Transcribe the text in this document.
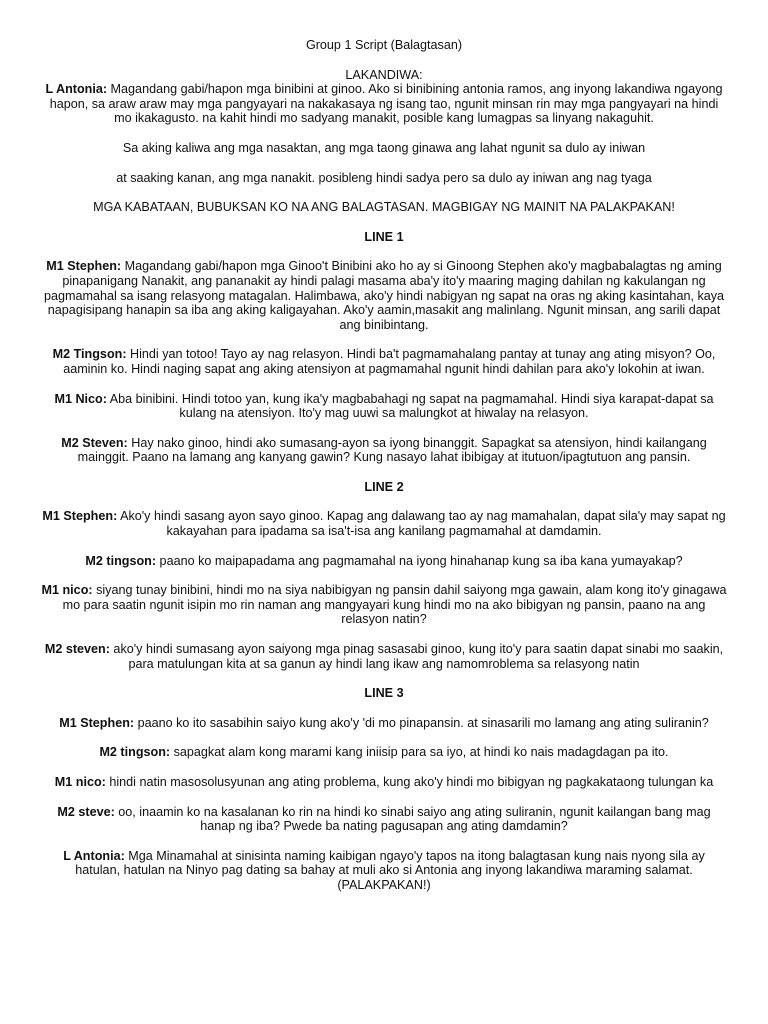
Group 1 Script (Balagtasan)

LAKANDIWA:

L Antonia: Magandang gabi/hapon mga binibini at ginoo. Ako si binibining antonia ramos, ang inyong lakandiwa ngayong hapon, sa araw araw may mga pangyayari na nakakasaya ng isang tao, ngunit minsan rin may mga pangyayari na hindi mo ikakagusto. na kahit hindi mo sadyang manakit, posible kang lumagpas sa linyang nakaguhit.

Sa aking kaliwa ang mga nasaktan, ang mga taong ginawa ang lahat ngunit sa dulo ay iniwan

at saaking kanan, ang mga nanakit. posibleng hindi sadya pero sa dulo ay iniwan ang nag tyaga

MGA KABATAAN, BUBUKSAN KO NA ANG BALAGTASAN. MAGBIGAY NG MAINIT NA PALAKPAKAN!

LINE 1

M1 Stephen: Magandang gabi/hapon mga Ginoo't Binibini ako ho ay si Ginoong Stephen ako'y magbabalagtas ng aming pinapanigang Nanakit, ang pananakit ay hindi palagi masama aba'y ito'y maaring maging dahilan ng kakulangan ng pagmamahal sa isang relasyong matagalan. Halimbawa, ako'y hindi nabigyan ng sapat na oras ng aking kasintahan, kaya napagisipang hanapin sa iba ang aking kaligayahan. Ako'y aamin,masakit ang malinlang. Ngunit minsan, ang sarili dapat ang binibintang.

M2 Tingson: Hindi yan totoo! Tayo ay nag relasyon. Hindi ba't pagmamahalang pantay at tunay ang ating misyon? Oo, aaminin ko. Hindi naging sapat ang aking atensiyon at pagmamahal ngunit hindi dahilan para ako'y lokohin at iwan.

M1 Nico: Aba binibini. Hindi totoo yan, kung ika'y magbabahagi ng sapat na pagmamahal. Hindi siya karapat-dapat sa kulang na atensiyon. Ito'y mag uuwi sa malungkot at hiwalay na relasyon.

M2 Steven: Hay nako ginoo, hindi ako sumasang-ayon sa iyong binanggit. Sapagkat sa atensiyon, hindi kailangang mainggit. Paano na lamang ang kanyang gawin? Kung nasayo lahat ibibigay at itutuon/ipagtutuon ang pansin.

LINE 2

M1 Stephen: Ako'y hindi sasang ayon sayo ginoo. Kapag ang dalawang tao ay nag mamahalan, dapat sila'y may sapat ng kakayahan para ipadama sa isa't-isa ang kanilang pagmamahal at damdamin.

M2 tingson: paano ko maipapadama ang pagmamahal na iyong hinahanap kung sa iba kana yumayakap?

M1 nico: siyang tunay binibini, hindi mo na siya nabibigyan ng pansin dahil saiyong mga gawain, alam kong ito'y ginagawa mo para saatin ngunit isipin mo rin naman ang mangyayari kung hindi mo na ako bibigyan ng pansin, paano na ang relasyon natin?

M2 steven: ako'y hindi sumasang ayon saiyong mga pinag sasasabi ginoo, kung ito'y para saatin dapat sinabi mo saakin, para matulungan kita at sa ganun ay hindi lang ikaw ang namomroblema sa relasyong natin

LINE 3

M1 Stephen: paano ko ito sasabihin saiyo kung ako'y 'di mo pinapansin. at sinasarili mo lamang ang ating suliranin?

M2 tingson: sapagkat alam kong marami kang iniisip para sa iyo, at hindi ko nais madagdagan pa ito.

M1 nico: hindi natin masosolusyunan ang ating problema, kung ako'y hindi mo bibigyan ng pagkakataong tulungan ka

M2 steve: oo, inaamin ko na kasalanan ko rin na hindi ko sinabi saiyo ang ating suliranin, ngunit kailangan bang mag hanap ng iba? Pwede ba nating pagusapan ang ating damdamin?

L Antonia: Mga Minamahal at sinisinta naming kaibigan ngayo'y tapos na itong balagtasan kung nais nyong sila ay hatulan, hatulan na Ninyo pag dating sa bahay at muli ako si Antonia ang inyong lakandiwa maraming salamat. (PALAKPAKAN!)
